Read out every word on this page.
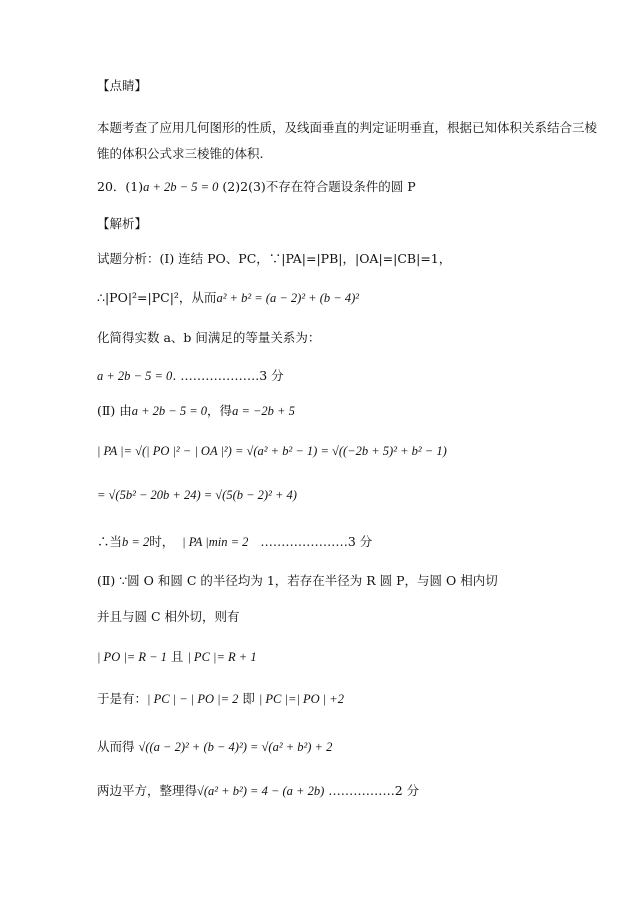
【点睛】
本题考查了应用几何图形的性质，及线面垂直的判定证明垂直，根据已知体积关系结合三棱
锥的体积公式求三棱锥的体积.
20．(1)a + 2b − 5 = 0 (2)2(3)不存在符合题设条件的圆 P
【解析】
试题分析：(Ⅰ) 连结 PO、PC，∵|PA|=|PB|，|OA|=|CB|=1，
∴|PO|²=|PC|²，从而a² + b² = (a − 2)² + (b − 4)²
化简得实数 a、b 间满足的等量关系为：
a + 2b − 5 = 0. ……………….3 分
(Ⅱ) 由a + 2b − 5 = 0，得a = −2b + 5
| PA |= √(| PO |² − | OA |²) = √(a² + b² − 1) = √((−2b + 5)² + b² − 1)
= √(5b² − 20b + 24) = √(5(b − 2)² + 4)
∴当b = 2时， | PA |min = 2 …………………3 分
(Ⅱ) ∵圆 O 和圆 C 的半径均为 1，若存在半径为 R 圆 P，与圆 O 相内切
并且与圆 C 相外切，则有
| PO |= R − 1 且 | PC |= R + 1
于是有：| PC | − | PO |= 2 即 | PC |=| PO | +2
从而得 √((a − 2)² + (b − 4)²) = √(a² + b²) + 2
两边平方，整理得√(a² + b²) = 4 − (a + 2b) …………….2 分
